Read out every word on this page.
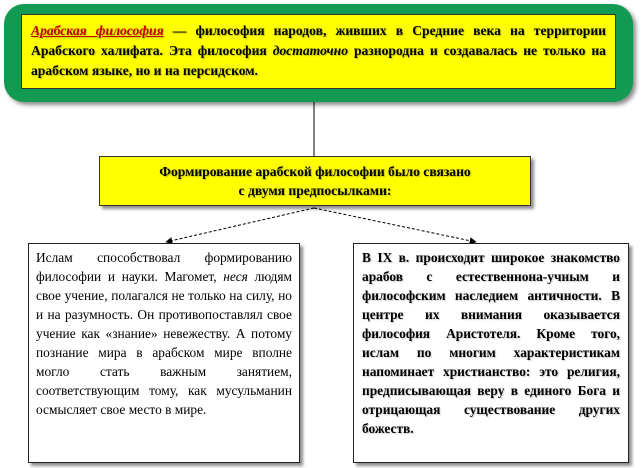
Арабская философия — философия народов, живших в Средние века на территории Арабского халифата. Эта философия достаточно разнородна и создавалась не только на арабском языке, но и на персидском.
Формирование арабской философии было связано
с двумя предпосылками:
Ислам способствовал формированию философии и науки. Магомет, неся людям свое учение, полагался не только на силу, но и на разумность. Он противопоставлял свое учение как «знание» невежеству. А потому познание мира в арабском мире вполне могло стать важным занятием, соответствующим тому, как мусульманин осмысляет свое место в мире.
В IX в. происходит широкое знакомство арабов с естественнона-учным и философским наследием античности. В центре их внимания оказывается философия Аристотеля. Кроме того, ислам по многим характеристикам напоминает христианство: это религия, предписывающая веру в единого Бога и отрицающая существование других божеств.
